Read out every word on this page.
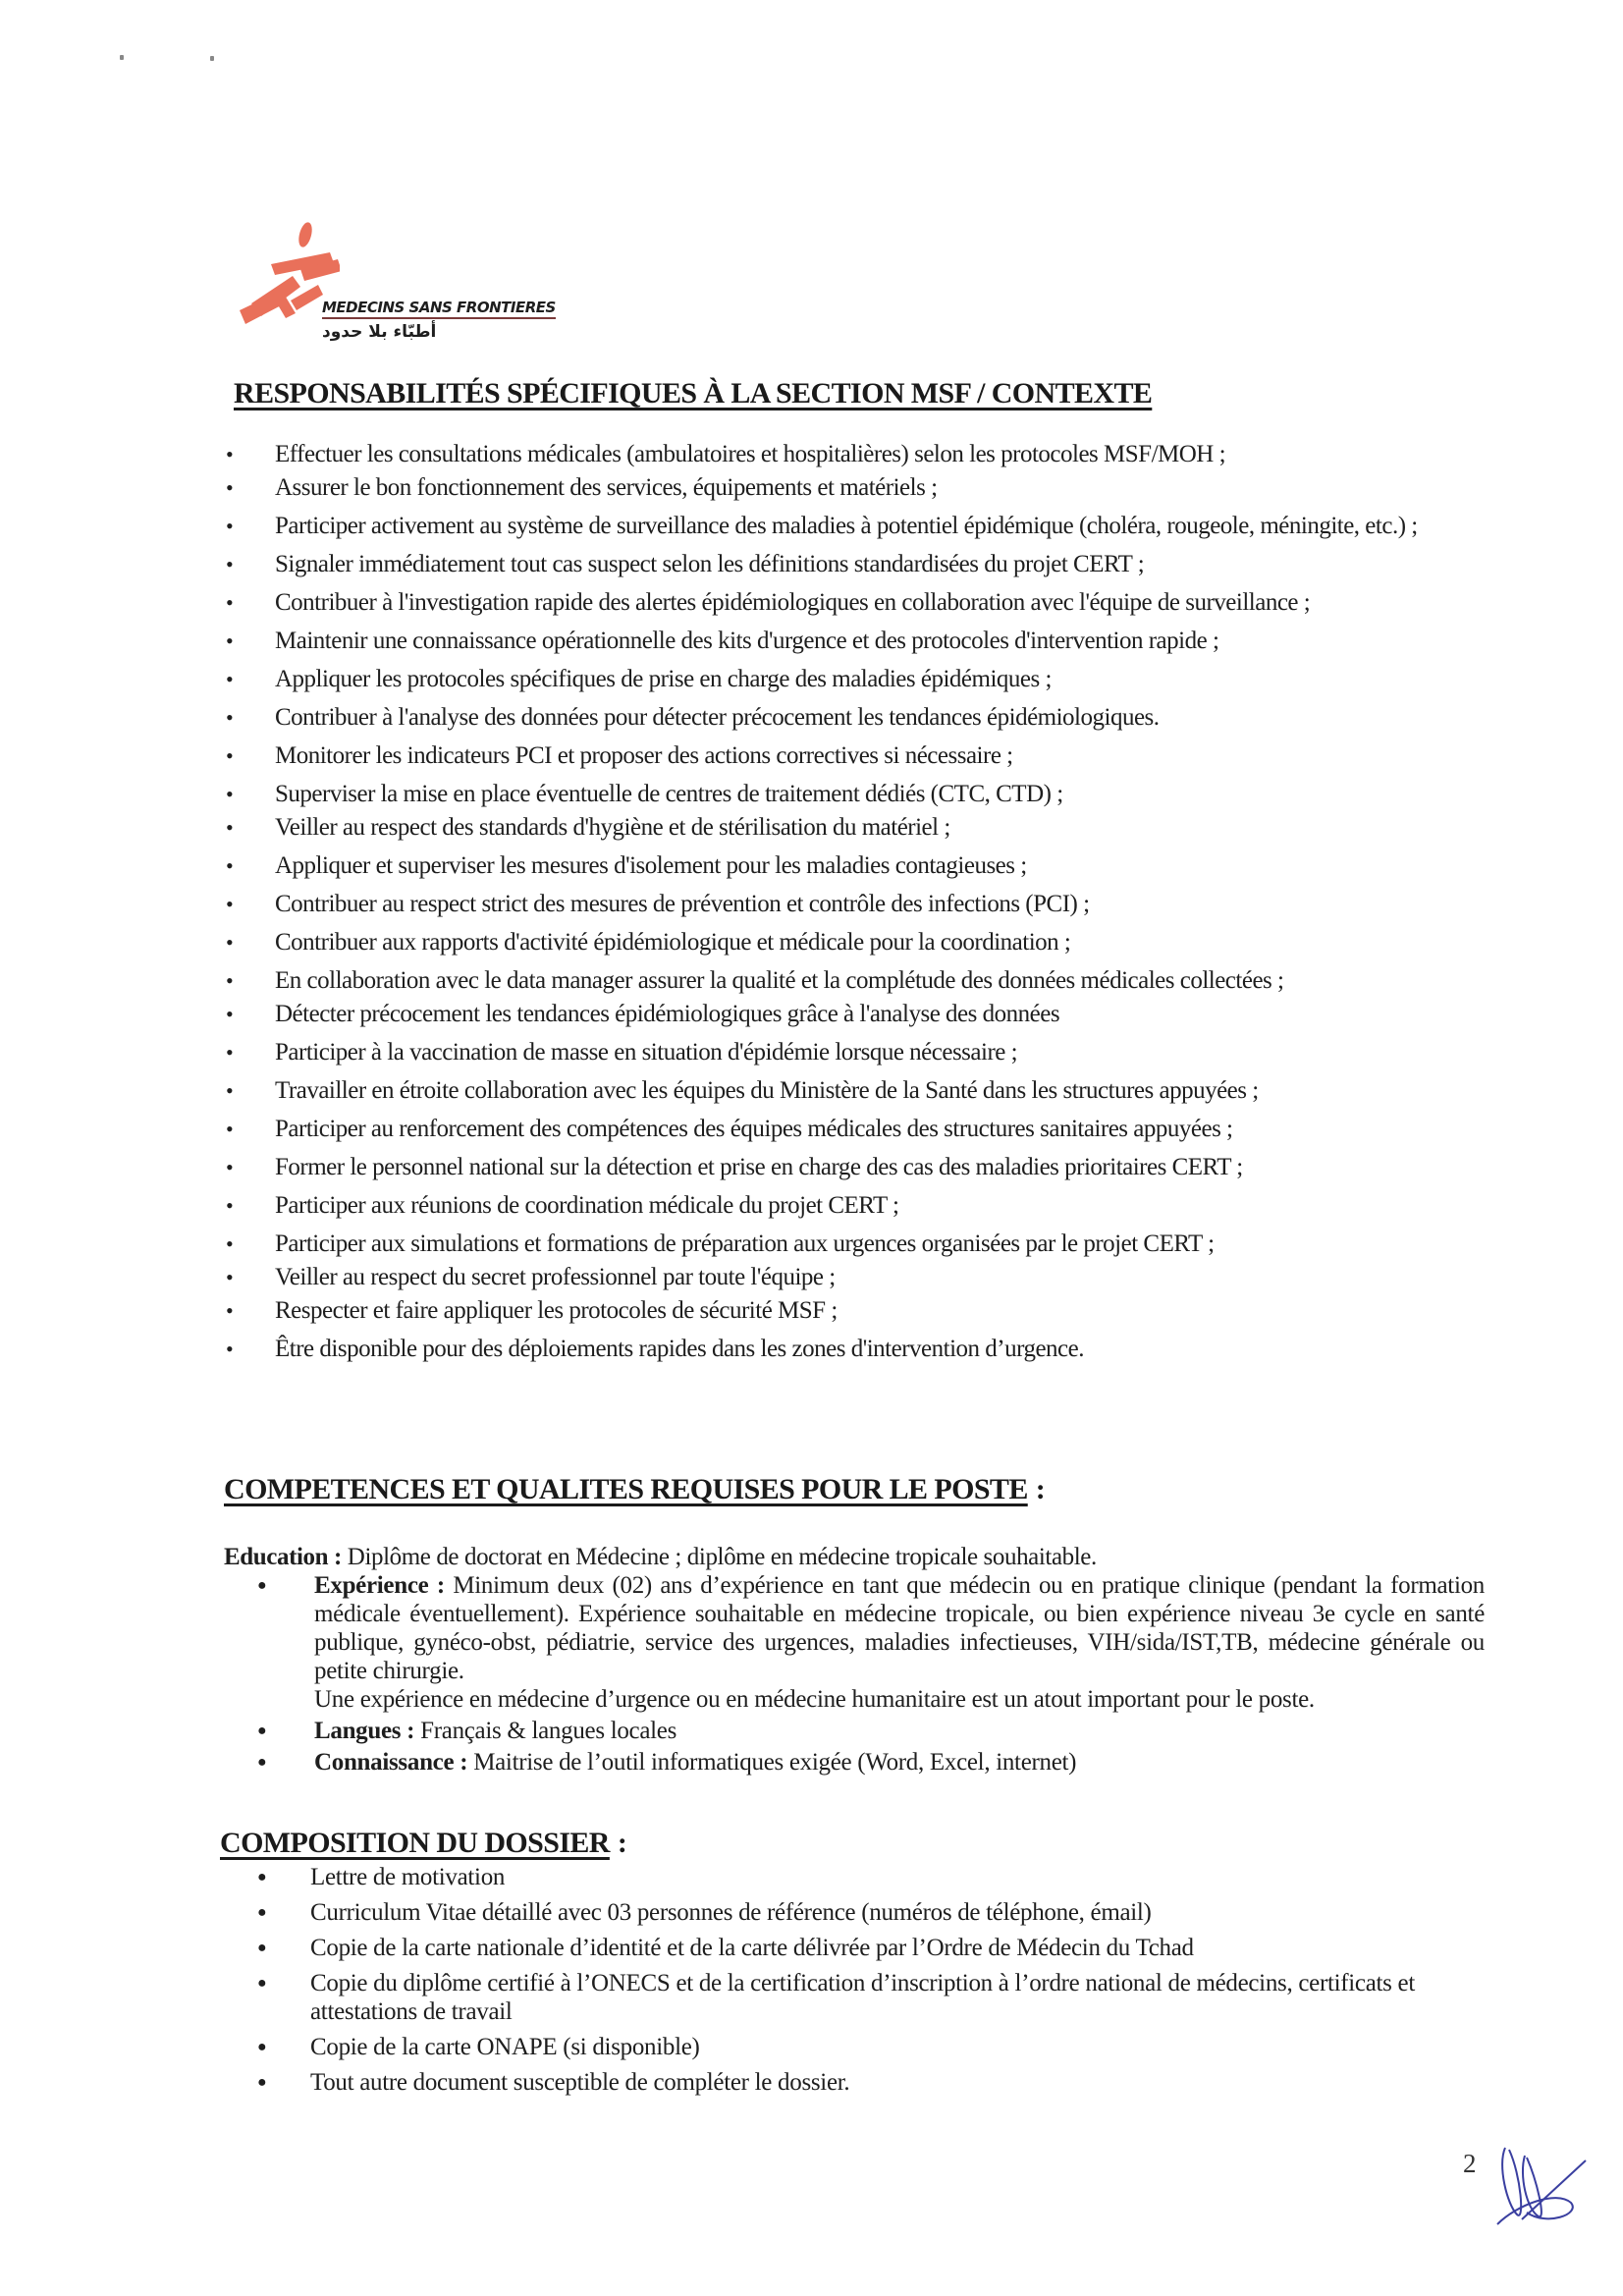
MEDECINS SANS FRONTIERES
أطبّاء بلا حدود
RESPONSABILITÉS SPÉCIFIQUES À LA SECTION MSF / CONTEXTE
• Effectuer les consultations médicales (ambulatoires et hospitalières) selon les protocoles MSF/MOH ;
• Assurer le bon fonctionnement des services, équipements et matériels ;
• Participer activement au système de surveillance des maladies à potentiel épidémique (choléra, rougeole, méningite, etc.) ;
• Signaler immédiatement tout cas suspect selon les définitions standardisées du projet CERT ;
• Contribuer à l'investigation rapide des alertes épidémiologiques en collaboration avec l'équipe de surveillance ;
• Maintenir une connaissance opérationnelle des kits d'urgence et des protocoles d'intervention rapide ;
• Appliquer les protocoles spécifiques de prise en charge des maladies épidémiques ;
• Contribuer à l'analyse des données pour détecter précocement les tendances épidémiologiques.
• Monitorer les indicateurs PCI et proposer des actions correctives si nécessaire ;
• Superviser la mise en place éventuelle de centres de traitement dédiés (CTC, CTD) ;
• Veiller au respect des standards d'hygiène et de stérilisation du matériel ;
• Appliquer et superviser les mesures d'isolement pour les maladies contagieuses ;
• Contribuer au respect strict des mesures de prévention et contrôle des infections (PCI) ;
• Contribuer aux rapports d'activité épidémiologique et médicale pour la coordination ;
• En collaboration avec le data manager assurer la qualité et la complétude des données médicales collectées ;
• Détecter précocement les tendances épidémiologiques grâce à l'analyse des données
• Participer à la vaccination de masse en situation d'épidémie lorsque nécessaire ;
• Travailler en étroite collaboration avec les équipes du Ministère de la Santé dans les structures appuyées ;
• Participer au renforcement des compétences des équipes médicales des structures sanitaires appuyées ;
• Former le personnel national sur la détection et prise en charge des cas des maladies prioritaires CERT ;
• Participer aux réunions de coordination médicale du projet CERT ;
• Participer aux simulations et formations de préparation aux urgences organisées par le projet CERT ;
• Veiller au respect du secret professionnel par toute l'équipe ;
• Respecter et faire appliquer les protocoles de sécurité MSF ;
• Être disponible pour des déploiements rapides dans les zones d'intervention d’urgence.
COMPETENCES ET QUALITES REQUISES POUR LE POSTE :
Education : Diplôme de doctorat en Médecine ; diplôme en médecine tropicale souhaitable.
● Expérience : Minimum deux (02) ans d’expérience en tant que médecin ou en pratique clinique (pendant la formation médicale éventuellement). Expérience souhaitable en médecine tropicale, ou bien expérience niveau 3e cycle en santé publique, gynéco-obst, pédiatrie, service des urgences, maladies infectieuses, VIH/sida/IST,TB, médecine générale ou petite chirurgie.
Une expérience en médecine d’urgence ou en médecine humanitaire est un atout important pour le poste.
● Langues : Français & langues locales
● Connaissance : Maitrise de l’outil informatiques exigée (Word, Excel, internet)
COMPOSITION DU DOSSIER :
● Lettre de motivation
● Curriculum Vitae détaillé avec 03 personnes de référence (numéros de téléphone, émail)
● Copie de la carte nationale d’identité et de la carte délivrée par l’Ordre de Médecin du Tchad
● Copie du diplôme certifié à l’ONECS et de la certification d’inscription à l’ordre national de médecins, certificats et attestations de travail
● Copie de la carte ONAPE (si disponible)
● Tout autre document susceptible de compléter le dossier.
2
